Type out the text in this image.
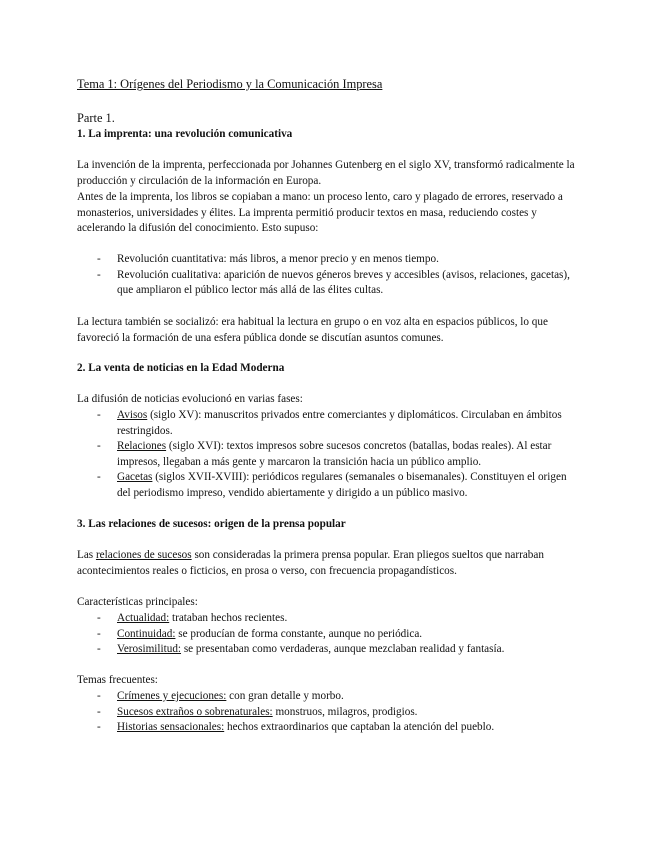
Tema 1: Orígenes del Periodismo y la Comunicación Impresa
Parte 1.
1. La imprenta: una revolución comunicativa

La invención de la imprenta, perfeccionada por Johannes Gutenberg en el siglo XV, transformó radicalmente la producción y circulación de la información en Europa.

Antes de la imprenta, los libros se copiaban a mano: un proceso lento, caro y plagado de errores, reservado a monasterios, universidades y élites. La imprenta permitió producir textos en masa, reduciendo costes y acelerando la difusión del conocimiento. Esto supuso:

- Revolución cuantitativa: más libros, a menor precio y en menos tiempo.
- Revolución cualitativa: aparición de nuevos géneros breves y accesibles (avisos, relaciones, gacetas), que ampliaron el público lector más allá de las élites cultas.

La lectura también se socializó: era habitual la lectura en grupo o en voz alta en espacios públicos, lo que favoreció la formación de una esfera pública donde se discutían asuntos comunes.

2. La venta de noticias en la Edad Moderna

La difusión de noticias evolucionó en varias fases:

- Avisos (siglo XV): manuscritos privados entre comerciantes y diplomáticos. Circulaban en ámbitos restringidos.
- Relaciones (siglo XVI): textos impresos sobre sucesos concretos (batallas, bodas reales). Al estar impresos, llegaban a más gente y marcaron la transición hacia un público amplio.
- Gacetas (siglos XVII-XVIII): periódicos regulares (semanales o bisemanales). Constituyen el origen del periodismo impreso, vendido abiertamente y dirigido a un público masivo.
3. Las relaciones de sucesos: origen de la prensa popular

Las relaciones de sucesos son consideradas la primera prensa popular. Eran pliegos sueltos que narraban acontecimientos reales o ficticios, en prosa o verso, con frecuencia propagandísticos.

Características principales:

- Actualidad: trataban hechos recientes.
- Continuidad: se producían de forma constante, aunque no periódica.
- Verosimilitud: se presentaban como verdaderas, aunque mezclaban realidad y fantasía.

Temas frecuentes:

- Crímenes y ejecuciones: con gran detalle y morbo.
- Sucesos extraños o sobrenaturales: monstruos, milagros, prodigios.
- Historias sensacionales: hechos extraordinarios que captaban la atención del pueblo.
